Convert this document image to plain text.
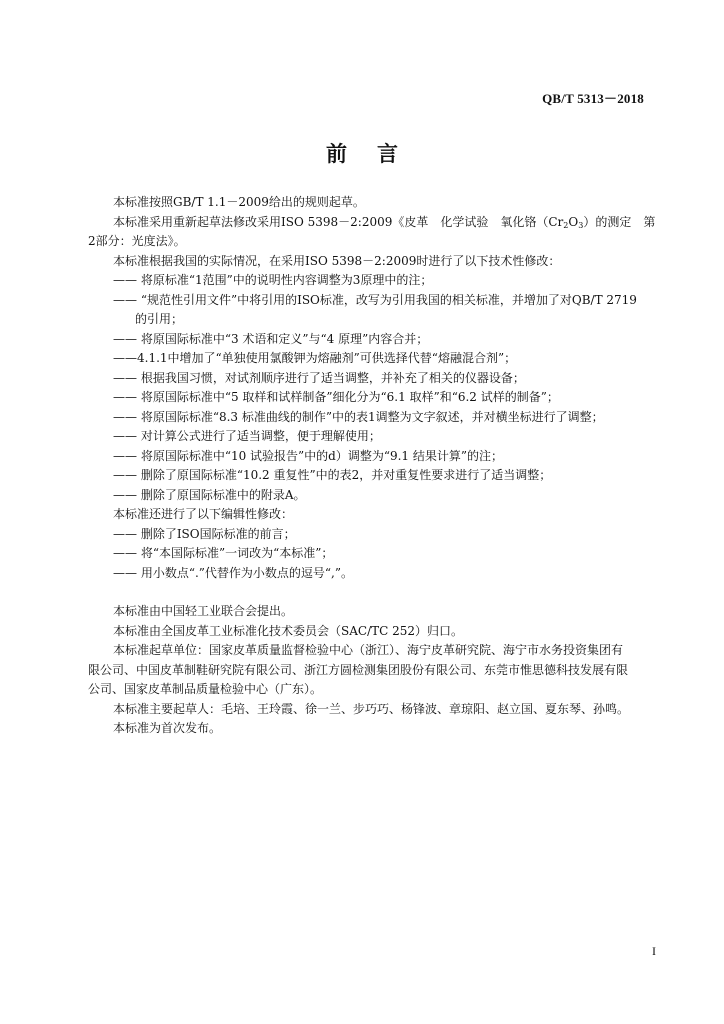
QB/T 5313－2018
前言
本标准按照GB/T 1.1－2009给出的规则起草。
本标准采用重新起草法修改采用ISO 5398－2:2009《皮革　化学试验　氧化铬$(Cr_2O_3)$的测定　第
2部分：光度法》。
本标准根据我国的实际情况，在采用ISO 5398－2:2009时进行了以下技术性修改：
—— 将原标准“1范围”中的说明性内容调整为3原理中的注；
—— “规范性引用文件”中将引用的ISO标准，改写为引用我国的相关标准，并增加了对QB/T 2719
的引用；
—— 将原国际标准中“3 术语和定义”与“4 原理”内容合并；
——4.1.1中增加了“单独使用氯酸钾为熔融剂”可供选择代替“熔融混合剂”；
—— 根据我国习惯，对试剂顺序进行了适当调整，并补充了相关的仪器设备；
—— 将原国际标准中“5 取样和试样制备”细化分为“6.1 取样”和“6.2 试样的制备”；
—— 将原国际标准“8.3 标准曲线的制作”中的表1调整为文字叙述，并对横坐标进行了调整；
—— 对计算公式进行了适当调整，便于理解使用；
—— 将原国际标准中“10 试验报告”中的d）调整为“9.1 结果计算”的注；
—— 删除了原国际标准“10.2 重复性”中的表2，并对重复性要求进行了适当调整；
—— 删除了原国际标准中的附录A。
本标准还进行了以下编辑性修改：
—— 删除了ISO国际标准的前言；
—— 将“本国际标准”一词改为“本标准”；
—— 用小数点“.”代替作为小数点的逗号“,”。
本标准由中国轻工业联合会提出。
本标准由全国皮革工业标准化技术委员会（SAC/TC 252）归口。
本标准起草单位：国家皮革质量监督检验中心（浙江）、海宁皮革研究院、海宁市水务投资集团有
限公司、中国皮革制鞋研究院有限公司、浙江方圆检测集团股份有限公司、东莞市惟思德科技发展有限
公司、国家皮革制品质量检验中心（广东）。
本标准主要起草人：毛培、王玲霞、徐一兰、步巧巧、杨锋波、章琼阳、赵立国、夏东琴、孙鸣。
本标准为首次发布。
I
